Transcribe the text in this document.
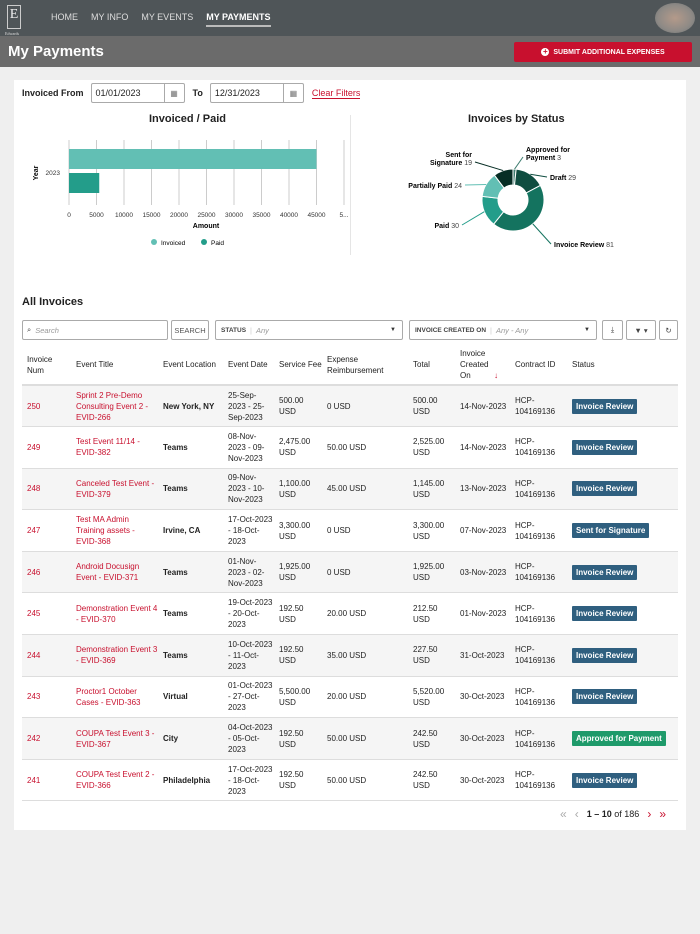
E
Edwards
HOME MY INFO MY EVENTS MY PAYMENTS
My Payments	+ SUBMIT ADDITIONAL EXPENSES
Invoiced From 01/01/2023	▦	To 12/31/2023	▦	Clear Filters
Invoiced / Paid
0	5000 10000 15000 20000 25000 30000 35000 40000 45000 5...
2023
Year
Amount
Invoiced	Paid
Invoices by Status
Approved for Payment 3
Draft 29
Invoice Review 81
Paid 30
Partially Paid 24
Sent for Signature 19
All Invoices
⌕ Search	SEARCH	STATUS | Any	▼	INVOICE CREATED ON | Any - Any	▼	⤓	▼ ▾ ↻
Invoice Num	Event Title	Event Location	Event Date	Service Fee	Expense Reimbursement	Total	Invoice Created On ↓	Contract ID	Status
250	Sprint 2 Pre-Demo Consulting Event 2 - EVID-266	New York, NY	25-Sep-2023 - 25-Sep-2023	500.00 USD	0 USD	500.00 USD	14-Nov-2023	HCP-104169136	Invoice Review
249	Test Event 11/14 - EVID-382	Teams	08-Nov-2023 - 09-Nov-2023	2,475.00 USD	50.00 USD	2,525.00 USD	14-Nov-2023	HCP-104169136	Invoice Review
248	Canceled Test Event - EVID-379	Teams	09-Nov-2023 - 10-Nov-2023	1,100.00 USD	45.00 USD	1,145.00 USD	13-Nov-2023	HCP-104169136	Invoice Review
247	Test MA Admin Training assets - EVID-368	Irvine, CA	17-Oct-2023 - 18-Oct-2023	3,300.00 USD	0 USD	3,300.00 USD	07-Nov-2023	HCP-104169136	Sent for Signature
246	Android Docusign Event - EVID-371	Teams	01-Nov-2023 - 02-Nov-2023	1,925.00 USD	0 USD	1,925.00 USD	03-Nov-2023	HCP-104169136	Invoice Review
245	Demonstration Event 4 - EVID-370	Teams	19-Oct-2023 - 20-Oct-2023	192.50 USD	20.00 USD	212.50 USD	01-Nov-2023	HCP-104169136	Invoice Review
244	Demonstration Event 3 - EVID-369	Teams	10-Oct-2023 - 11-Oct-2023	192.50 USD	35.00 USD	227.50 USD	31-Oct-2023	HCP-104169136	Invoice Review
243	Proctor1 October Cases - EVID-363	Virtual	01-Oct-2023 - 27-Oct-2023	5,500.00 USD	20.00 USD	5,520.00 USD	30-Oct-2023	HCP-104169136	Invoice Review
242	COUPA Test Event 3 - EVID-367	City	04-Oct-2023 - 05-Oct-2023	192.50 USD	50.00 USD	242.50 USD	30-Oct-2023	HCP-104169136	Approved for Payment
241	COUPA Test Event 2 - EVID-366	Philadelphia	17-Oct-2023 - 18-Oct-2023	192.50 USD	50.00 USD	242.50 USD	30-Oct-2023	HCP-104169136	Invoice Review
« ‹ 1 – 10 of 186 › »
